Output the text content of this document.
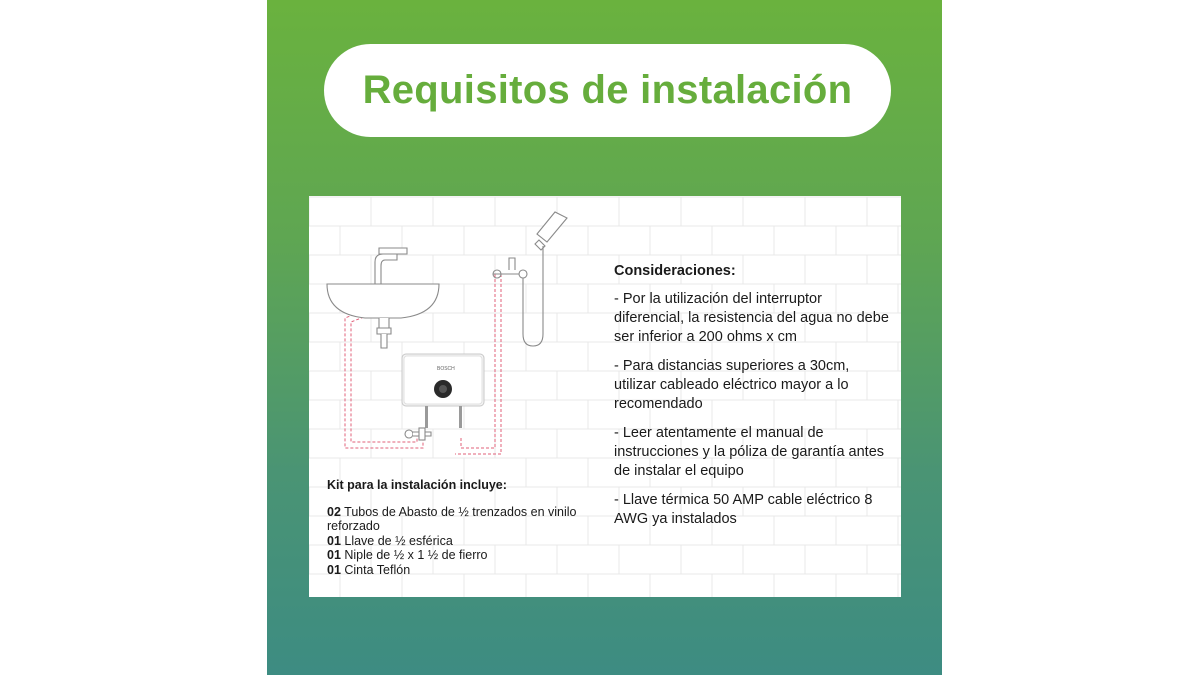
Requisitos de instalación
BOSCH
Kit para la instalación incluye:
02 Tubos de Abasto de ½ trenzados en vinilo reforzado
01 Llave de ½ esférica
01 Niple de ½ x 1 ½ de fierro
01 Cinta Teflón
Consideraciones:
- Por la utilización del interruptor diferencial, la resistencia del agua no debe ser inferior a 200 ohms x cm
- Para distancias superiores a 30cm, utilizar cableado eléctrico mayor a lo recomendado
- Leer atentamente el manual de instrucciones y la póliza de garantía antes de instalar el equipo
- Llave térmica 50 AMP cable eléctrico 8 AWG ya instalados
